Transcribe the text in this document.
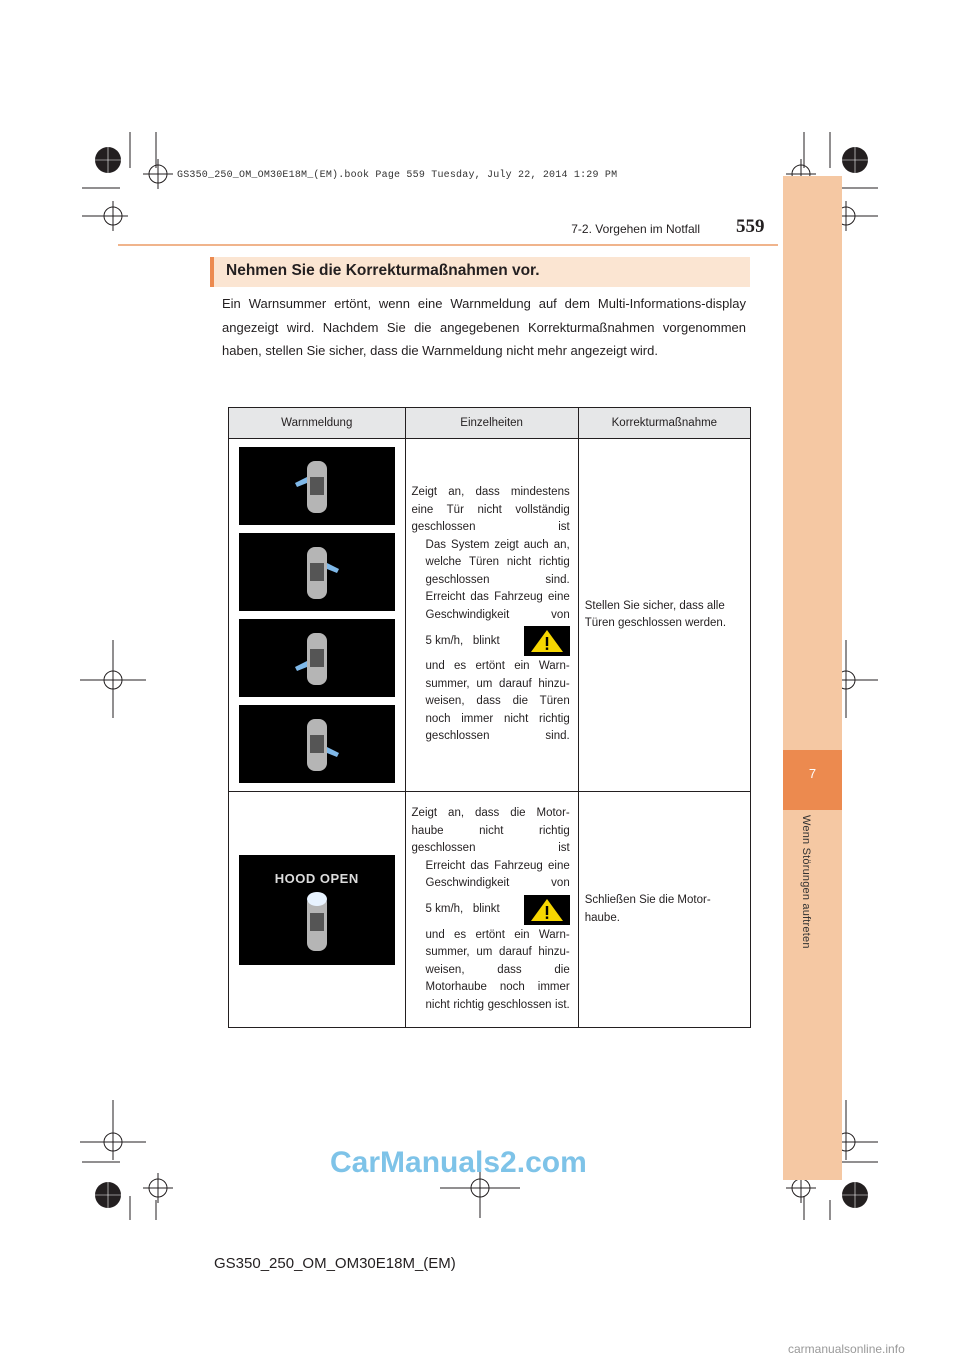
GS350_250_OM_OM30E18M_(EM).book Page 559 Tuesday, July 22, 2014 1:29 PM
7
Wenn Störungen auftreten
7-2. Vorgehen im Notfall 559
Nehmen Sie die Korrekturmaßnahmen vor.
Ein Warnsummer ertönt, wenn eine Warnmeldung auf dem Multi-Informations-display angezeigt wird. Nachdem Sie die angegebenen Korrekturmaßnahmen vorgenommen haben, stellen Sie sicher, dass die Warnmeldung nicht mehr angezeigt wird.
Warnmeldung	Einzelheiten	Korrekturmaßnahme

Zeigt an, dass mindestens eine Tür nicht vollständig geschlossen ist
Das System zeigt auch an, welche Türen nicht richtig geschlossen sind.
Erreicht das Fahrzeug eine Geschwindigkeit von
5 km/h,   blinkt
und es ertönt ein Warn-summer, um darauf hinzu-weisen, dass die Türen noch immer nicht richtig geschlossen sind.	Stellen Sie sicher, dass alle Türen geschlossen werden.

HOOD OPEN	Zeigt an, dass die Motor-haube nicht richtig geschlossen ist
Erreicht das Fahrzeug eine Geschwindigkeit von
5 km/h,   blinkt
und es ertönt ein Warn-summer, um darauf hinzu-weisen, dass die Motorhaube noch immer nicht richtig geschlossen ist.	Schließen Sie die Motor-haube.
CarManuals2.com
GS350_250_OM_OM30E18M_(EM)
carmanualsonline.info
